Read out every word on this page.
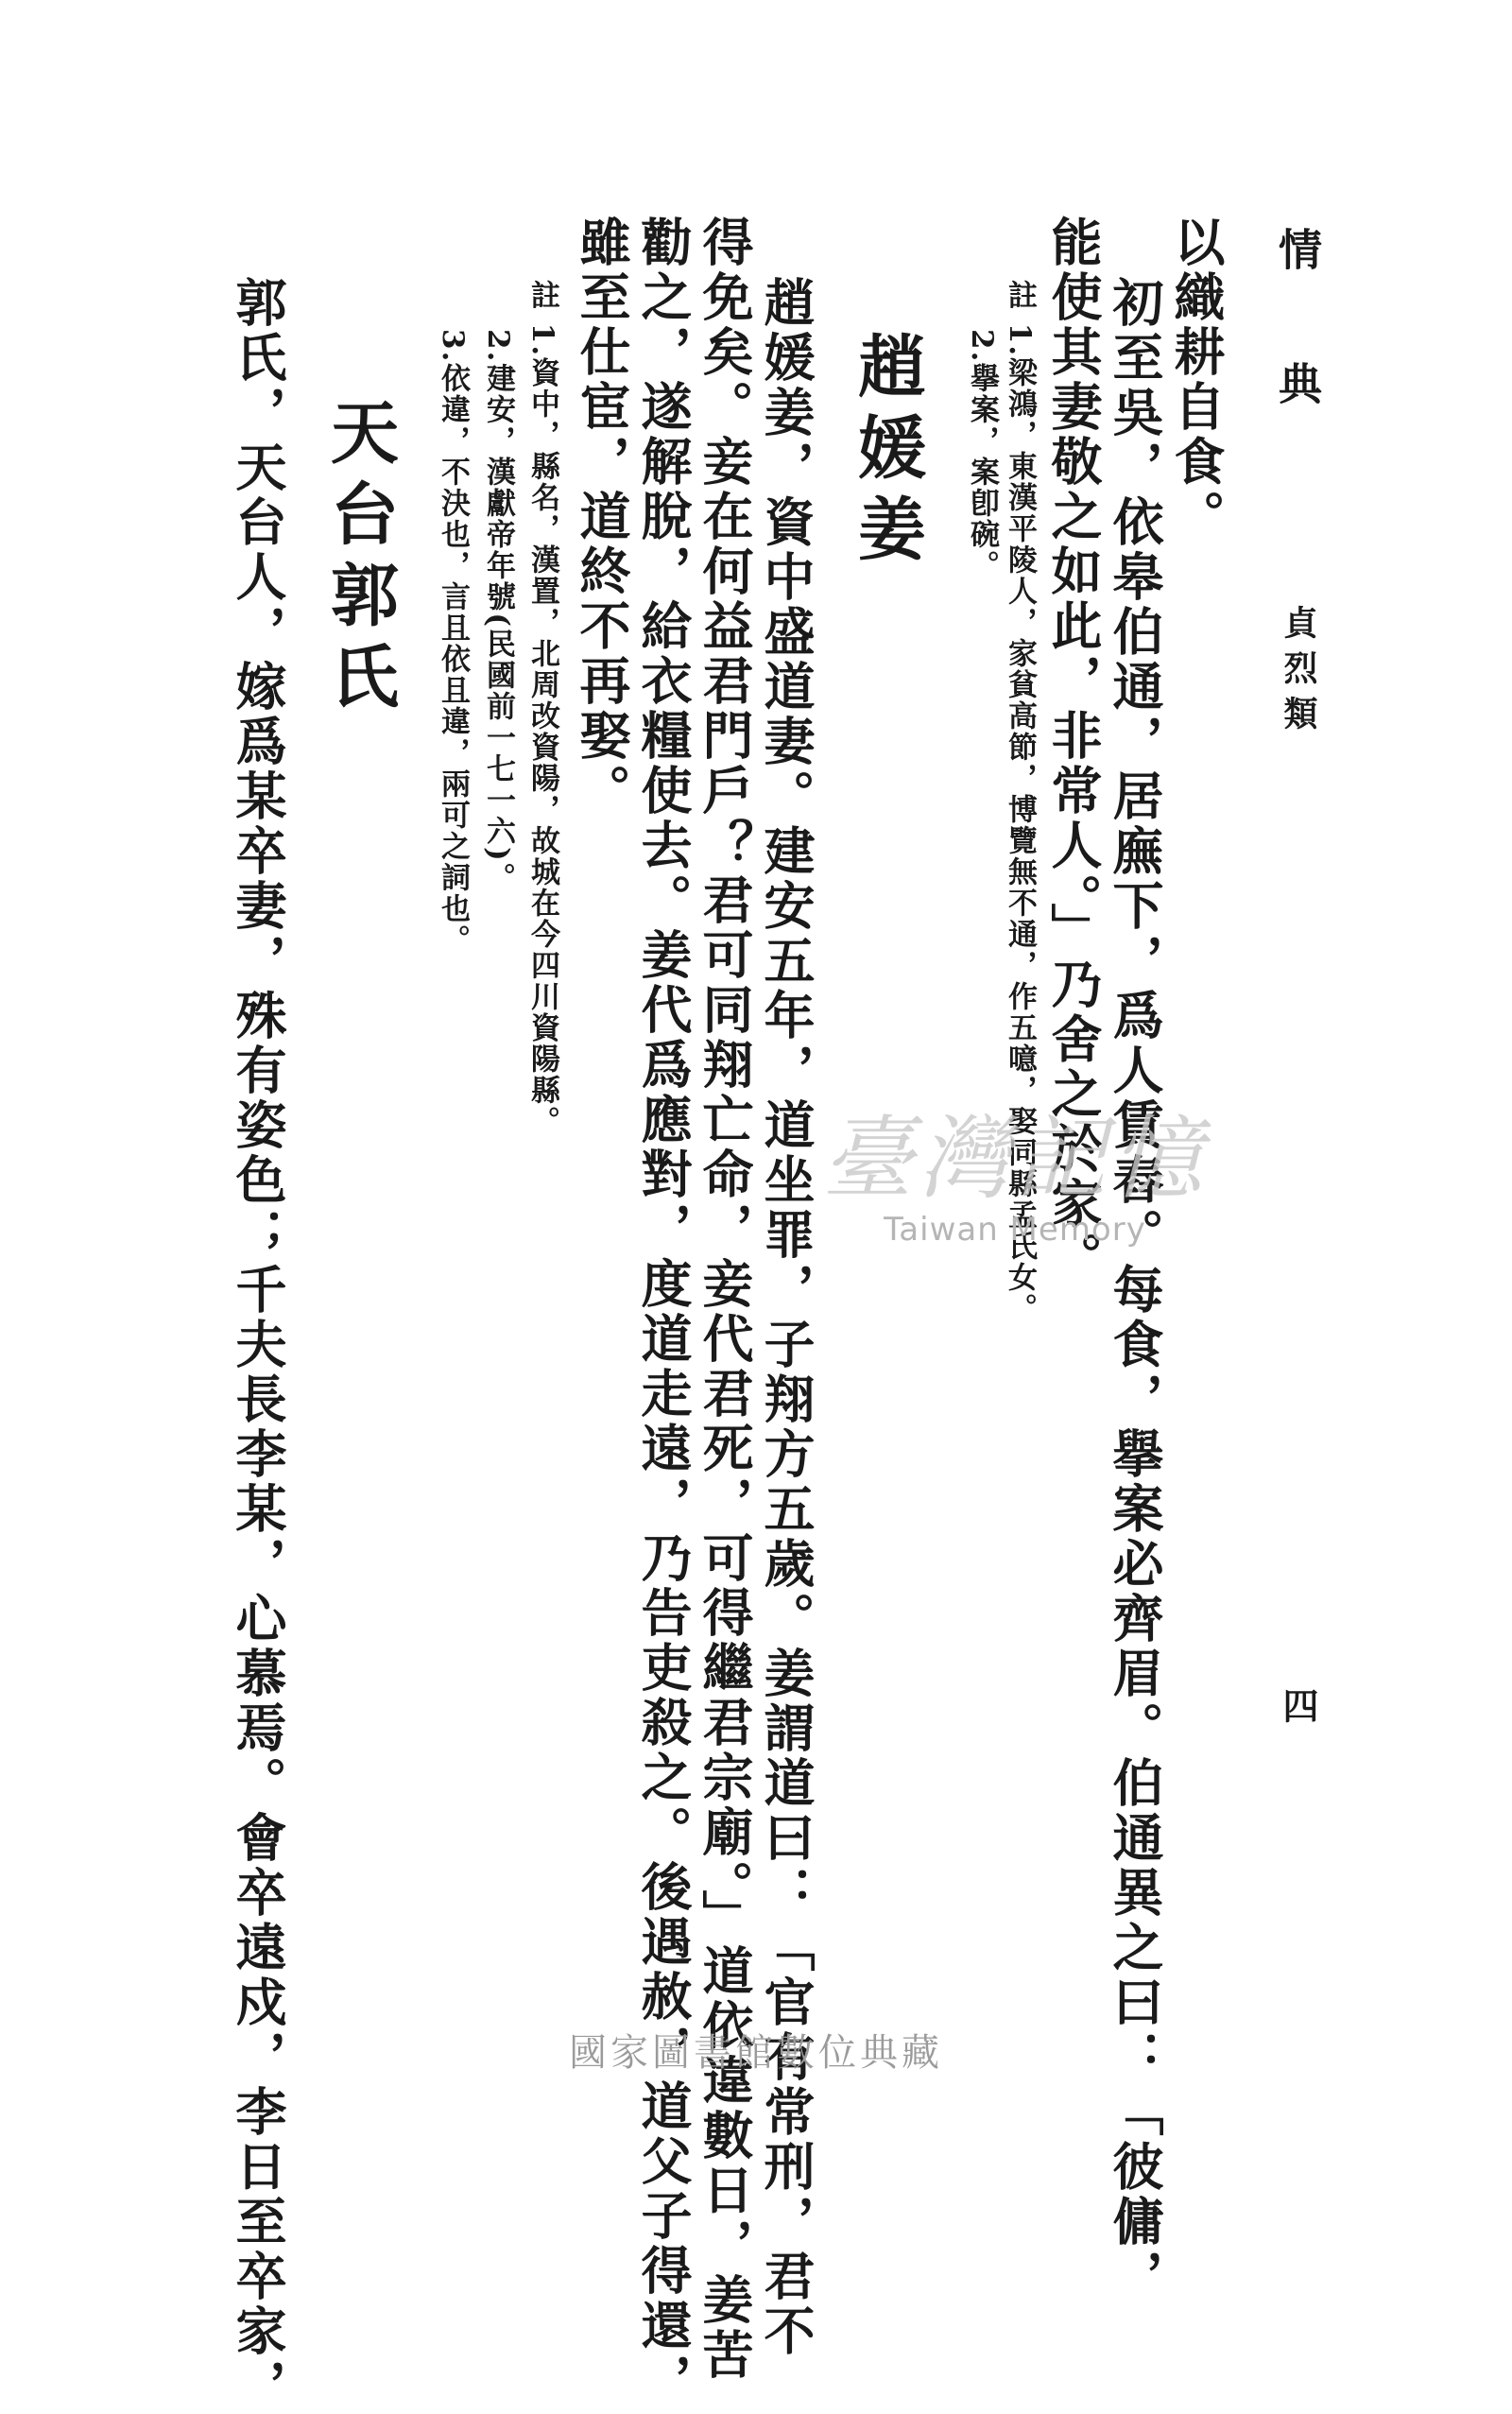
情 典
貞烈類
四
以織耕自食。
初至吳，依皋伯通，居廡下，爲人賃舂。每食，擧案必齊眉。伯通異之曰：「彼傭，
能使其妻敬之如此，非常人。」乃舍之於家。
註 1.梁鴻，東漢平陵人，家貧高節，博覽無不通，作五噫，娶同縣孟氏女。
2.擧案，案卽碗。
趙媛姜
趙媛姜，資中盛道妻。建安五年，道坐罪，子翔方五歲。姜謂道曰：「官有常刑，君不
得免矣。妾在何益君門戶？君可同翔亡命，妾代君死，可得繼君宗廟。」道依違數日，姜苦
勸之，遂解脫，給衣糧使去。姜代爲應對，度道走遠，乃告吏殺之。後遇赦，道父子得還，
雖至仕宦，道終不再娶。
註 1.資中，縣名，漢置，北周改資陽，故城在今四川資陽縣。
2.建安，漢獻帝年號(民國前一七一六)。
3.依違，不決也，言且依且違，兩可之詞也。
天台郭氏
郭氏，天台人，嫁爲某卒妻，殊有姿色；千夫長李某，心慕焉。會卒遠戍，李日至卒家，	臺灣記憶
Taiwan Memory
國家圖書館數位典藏
